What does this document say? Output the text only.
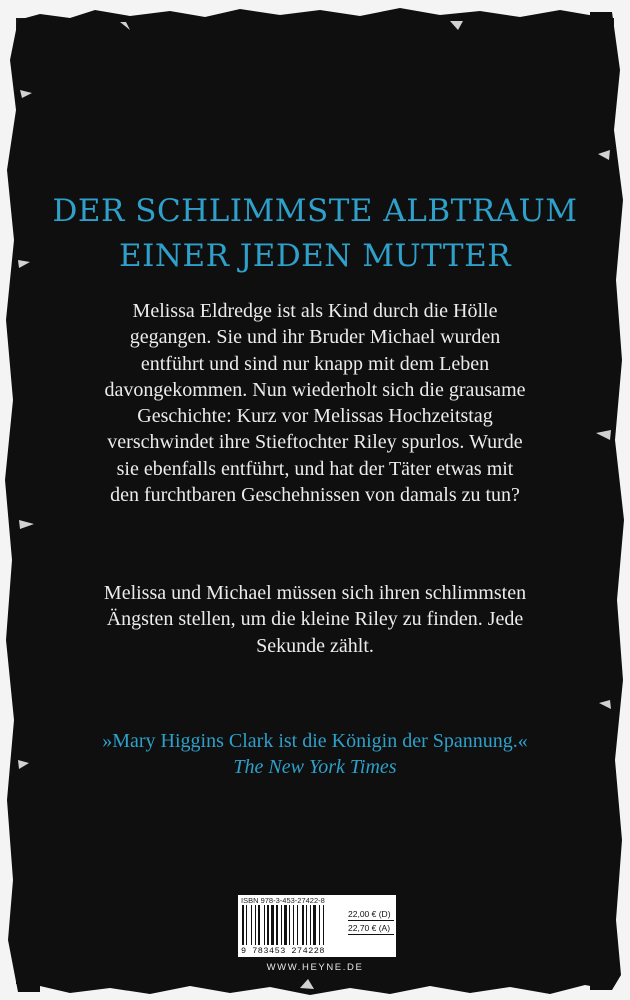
DER SCHLIMMSTE ALBTRAUM
EINER JEDEN MUTTER

Melissa Eldredge ist als Kind durch die Hölle gegangen. Sie und ihr Bruder Michael wurden entführt und sind nur knapp mit dem Leben davongekommen. Nun wiederholt sich die grausame Geschichte: Kurz vor Melissas Hochzeitstag verschwindet ihre Stieftochter Riley spurlos. Wurde sie ebenfalls entführt, und hat der Täter etwas mit den furchtbaren Geschehnissen von damals zu tun?

Melissa und Michael müssen sich ihren schlimmsten Ängsten stellen, um die kleine Riley zu finden. Jede Sekunde zählt.

»Mary Higgins Clark ist die Königin der Spannung.«
The New York Times
ISBN 978-3-453-27422-8
9 783453 274228
22,00 € (D)
22,70 € (A)
WWW.HEYNE.DE
